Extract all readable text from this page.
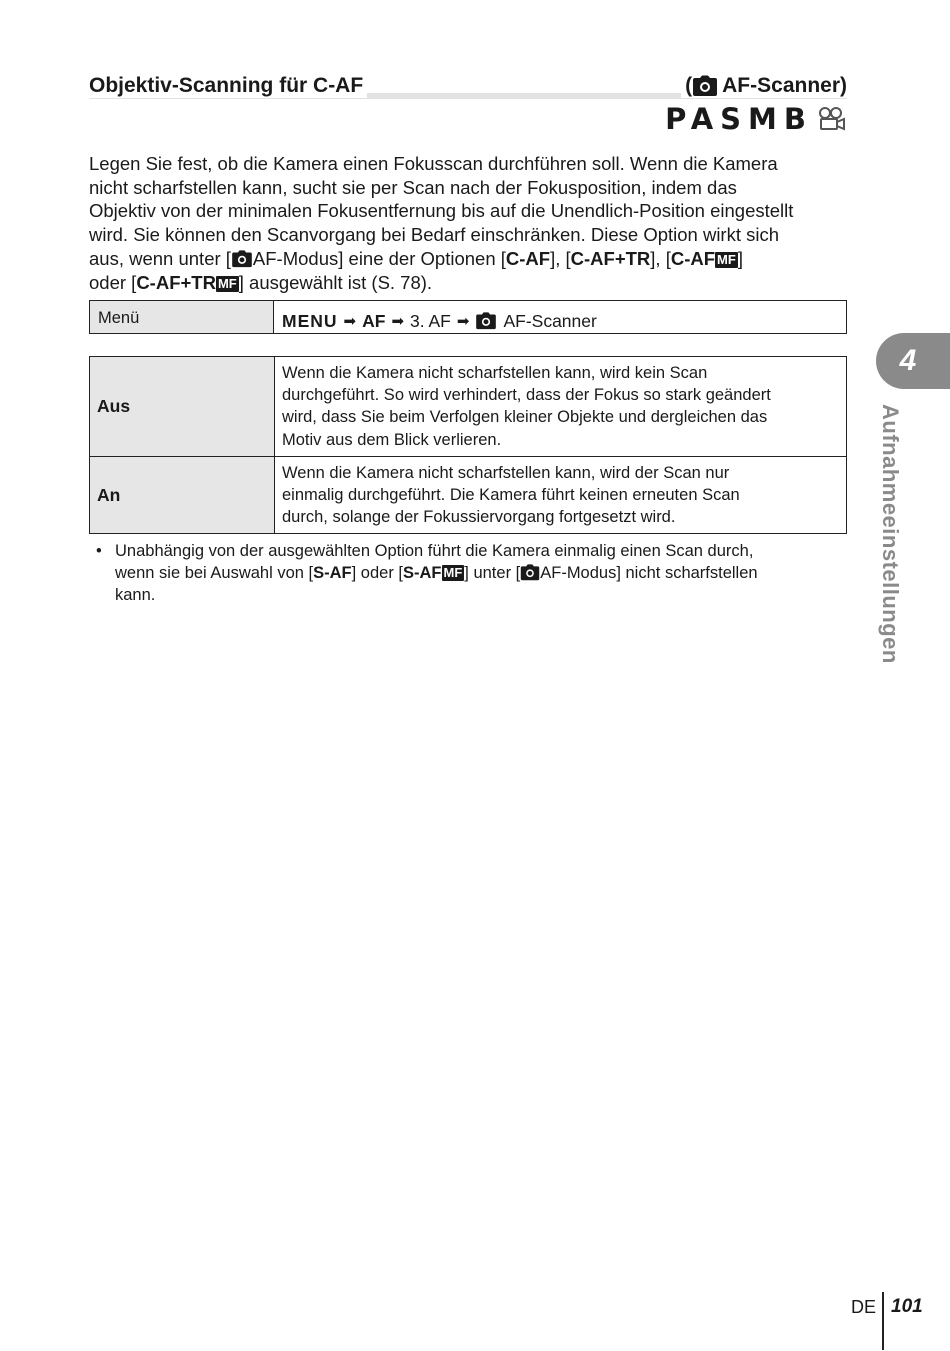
Objektiv-Scanning für C-AF	( AF-Scanner)
PASMB

Legen Sie fest, ob die Kamera einen Fokusscan durchführen soll. Wenn die Kamera

nicht scharfstellen kann, sucht sie per Scan nach der Fokusposition, indem das

Objektiv von der minimalen Fokusentfernung bis auf die Unendlich-Position eingestellt

wird. Sie können den Scanvorgang bei Bedarf einschränken. Diese Option wirkt sich

aus, wenn unter [ AF-Modus] eine der Optionen [C-AF], [C-AF+TR], [C-AF MF ]

oder [C-AF+TR MF ] ausgewählt ist (S. 78).

Menü	MENU ➡ AF ➡ 3. AF ➡ AF-Scanner
Aus	Wenn die Kamera nicht scharfstellen kann, wird kein Scan
durchgeführt. So wird verhindert, dass der Fokus so stark geändert
wird, dass Sie beim Verfolgen kleiner Objekte und dergleichen das
Motiv aus dem Blick verlieren.

An	Wenn die Kamera nicht scharfstellen kann, wird der Scan nur
einmalig durchgeführt. Die Kamera führt keinen erneuten Scan
durch, solange der Fokussiervorgang fortgesetzt wird.
• Unabhängig von der ausgewählten Option führt die Kamera einmalig einen Scan durch,
wenn sie bei Auswahl von [S-AF] oder [S-AF MF ] unter [ AF-Modus] nicht scharfstellen
kann.
4
Aufnahmeeinstellungen
DE 101
